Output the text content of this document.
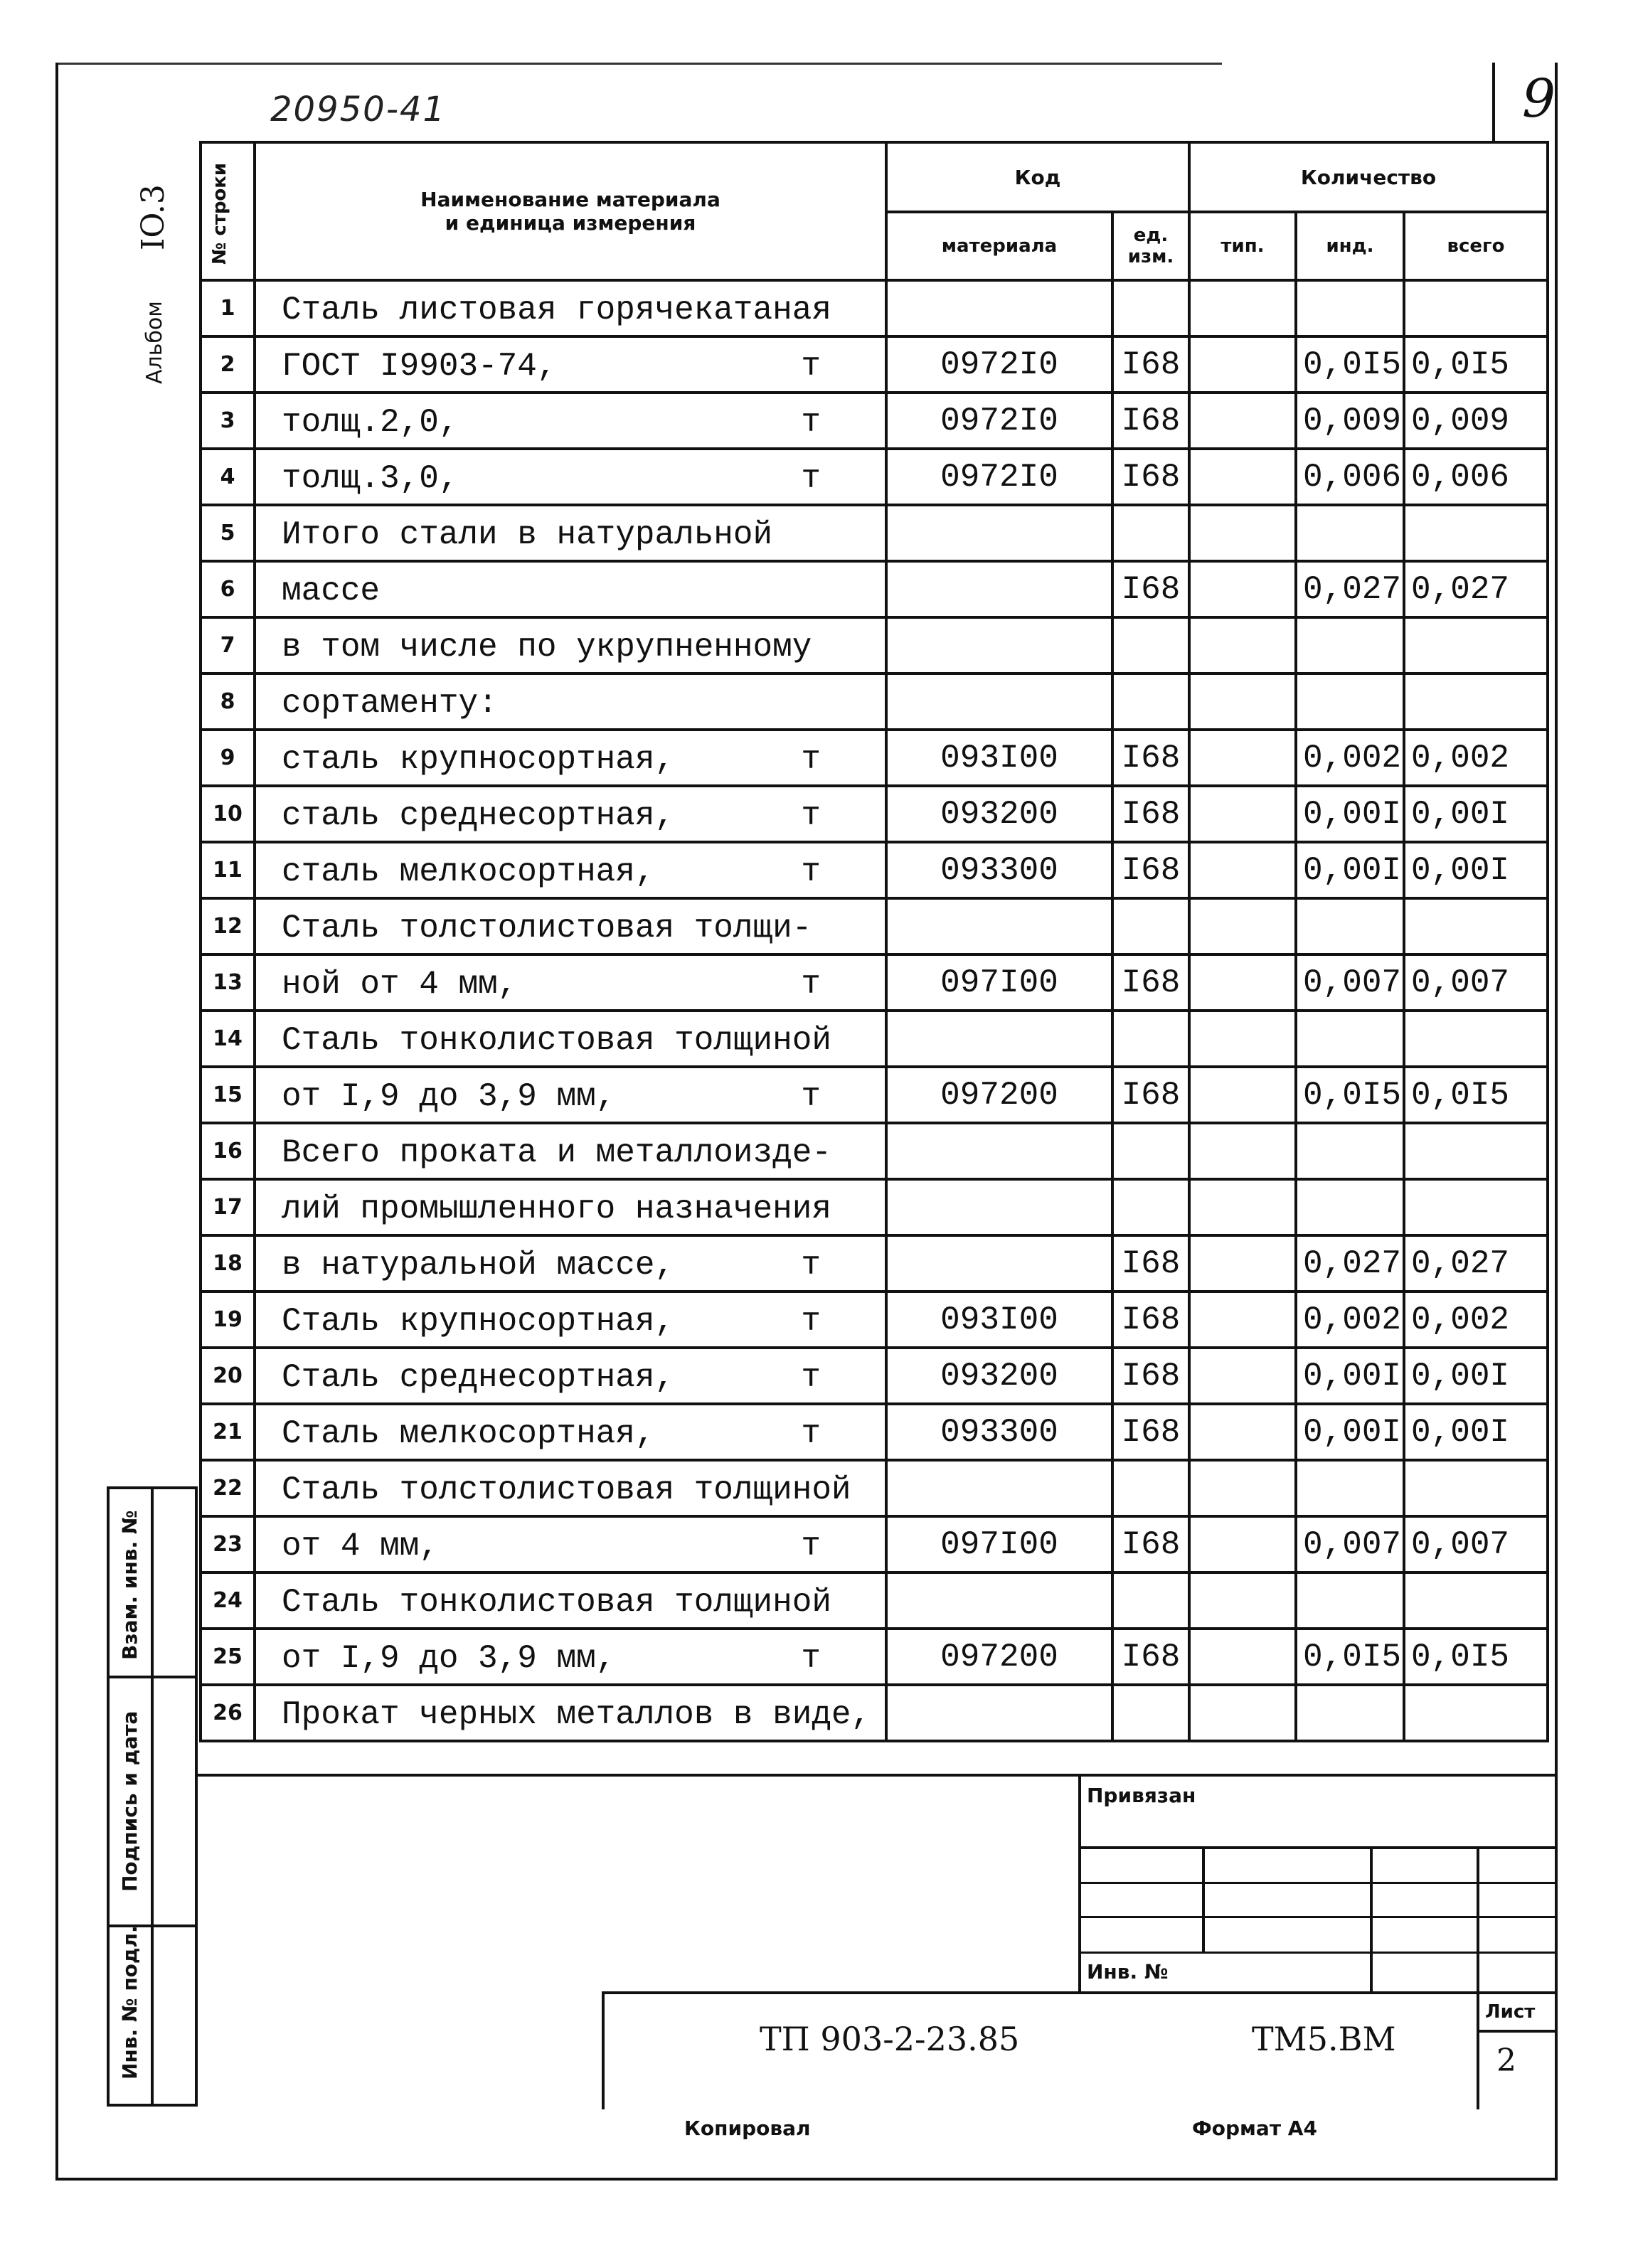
9
20950-41
Альбом
IO.3 № строки	Наименование материала
и единица измерения	Код		Количество		
		материала	ед. изм.	тип.	инд.	всего
1	Сталь листовая горячекатаная					

2	ГОСТ I9903-74, т	0972I0	I68		0,0I5	0,0I5
3	толщ.2,0, т	0972I0	I68		0,009	0,009
4	толщ.3,0, т	0972I0	I68		0,006	0,006
5	Итого стали в натуральной					

6	массе		I68		0,027	0,027
7	в том числе по укрупненному					

8	сортаменту:					

9	сталь крупносортная, т	093I00	I68		0,002	0,002
10	сталь среднесортная, т	093200	I68		0,00I	0,00I
11	сталь мелкосортная, т	093300	I68		0,00I	0,00I
12	Сталь толстолистовая толщи-					

13	ной от 4 мм, т	097I00	I68		0,007	0,007
14	Сталь тонколистовая толщиной					

15	от I,9 до 3,9 мм, т	097200	I68		0,0I5	0,0I5
16	Всего проката и металлоизде-					

17	лий промышленного назначения					

18	в натуральной массе, т		I68		0,027	0,027
19	Сталь крупносортная, т	093I00	I68		0,002	0,002
20	Сталь среднесортная, т	093200	I68		0,00I	0,00I
21	Сталь мелкосортная, т	093300	I68		0,00I	0,00I
22	Сталь толстолистовая толщиной					

23	от 4 мм, т	097I00	I68		0,007	0,007
24	Сталь тонколистовая толщиной					

25	от I,9 до 3,9 мм, т	097200	I68		0,0I5	0,0I5
26	Прокат черных металлов в виде,					

Взам. инв. №
Подпись и дата
Инв. № подл.
Привязан
Инв. №
ТП 903-2-23.85	ТМ5.ВМ
Лист
2
Копировал	Формат А4
